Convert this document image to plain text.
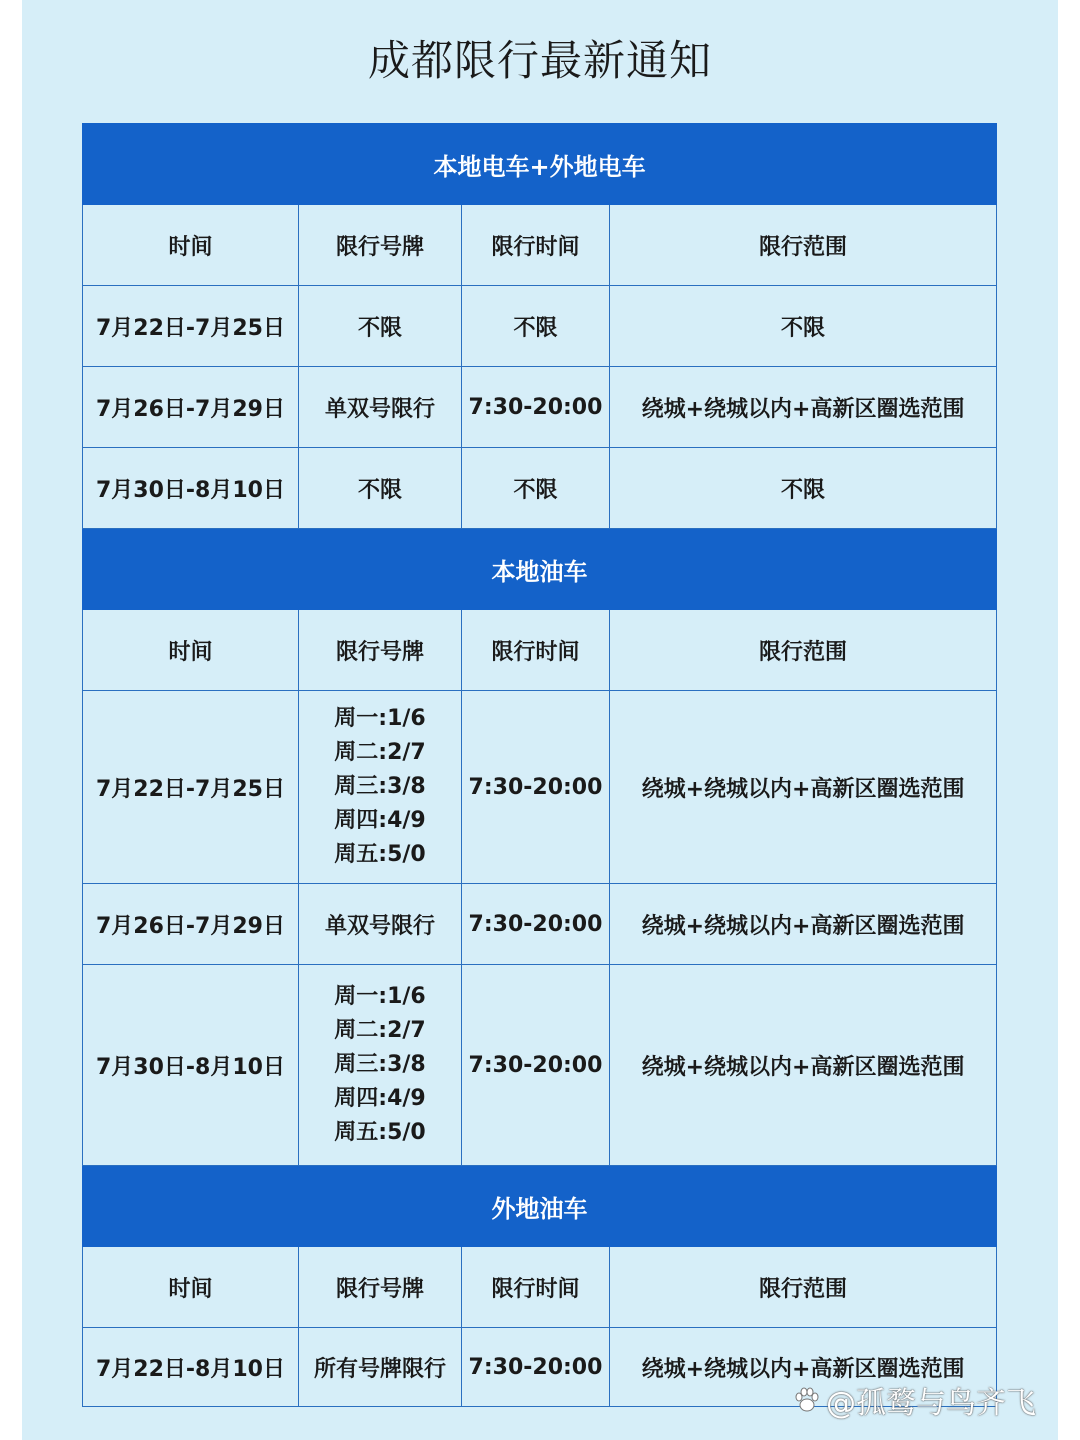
成都限行最新通知
本地电车+外地电车			
时间	限行号牌	限行时间	限行范围
7月22日-7月25日	不限	不限	不限
7月26日-7月29日	单双号限行	7:30-20:00	绕城+绕城以内+高新区圈选范围
7月30日-8月10日	不限	不限	不限
本地油车			
时间	限行号牌	限行时间	限行范围
7月22日-7月25日	周一:1/6
周二:2/7
周三:3/8
周四:4/9
周五:5/0	7:30-20:00	绕城+绕城以内+高新区圈选范围
7月26日-7月29日	单双号限行	7:30-20:00	绕城+绕城以内+高新区圈选范围
7月30日-8月10日	周一:1/6
周二:2/7
周三:3/8
周四:4/9
周五:5/0	7:30-20:00	绕城+绕城以内+高新区圈选范围
外地油车			
时间	限行号牌	限行时间	限行范围
7月22日-8月10日	所有号牌限行	7:30-20:00	绕城+绕城以内+高新区圈选范围
@孤鹜与鸟齐飞
